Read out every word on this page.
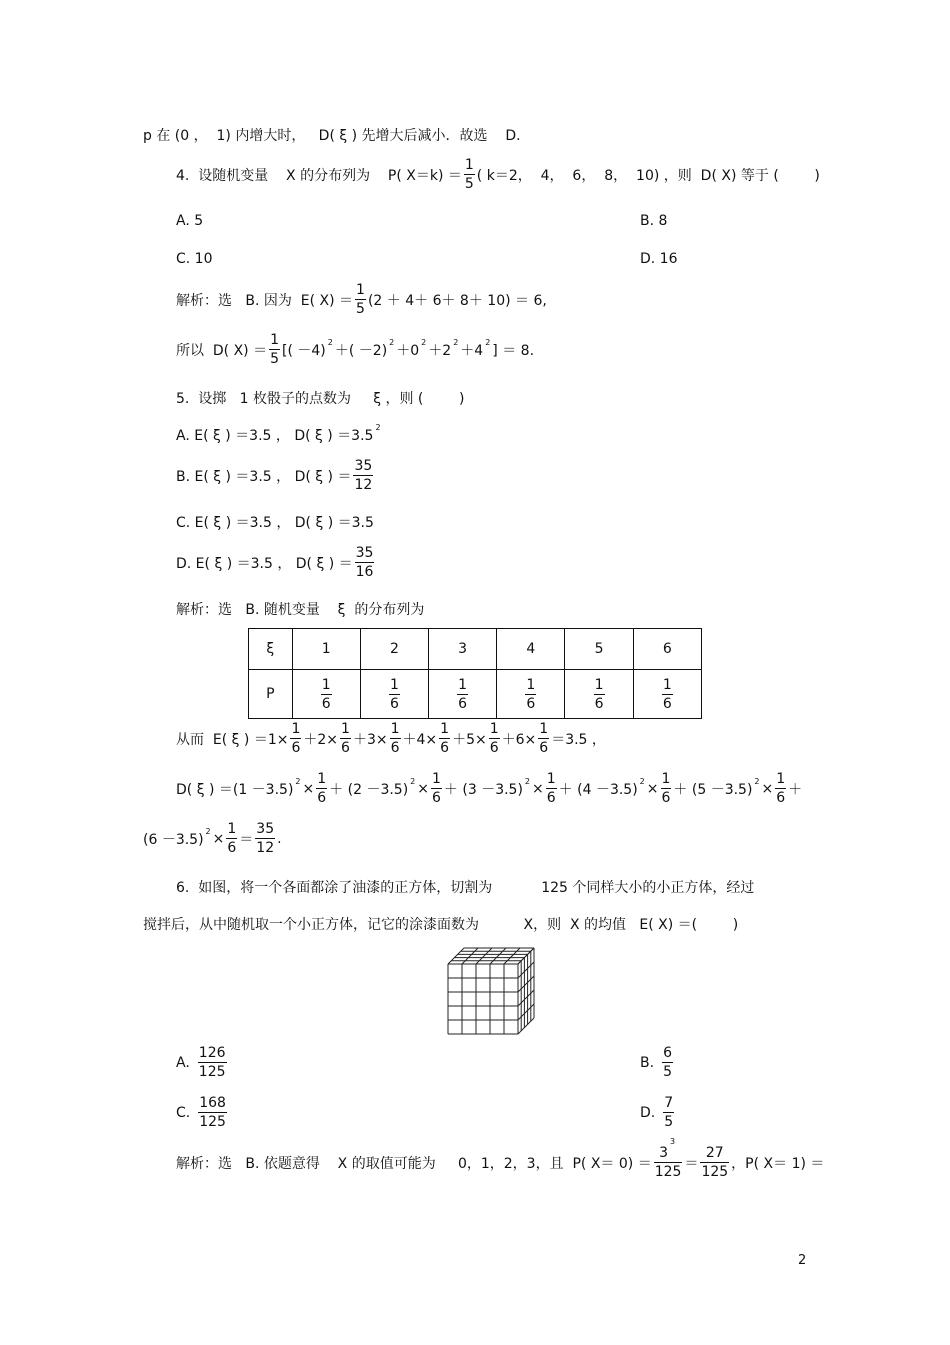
p 在 (0 ，  1) 内增大时，   D( ξ ) 先增大后减小．故选    D.
4.  设随机变量    X 的分布列为    P( $X=k) = \frac{1}{5}$ ( k＝2，  4，  6，  8，  10) ，则  D( X) 等于 (        )
A. 5	B. 8
C. 10	D. 16
解析：选   B. 因为  E( $X) = \frac{1}{5} (2 + 4+ 6+ 8+ 10) = 6$,
所以  D( $X) = \frac{1}{5}$ [( －4)
$^2$
＋( －2)
$^2$
＋0
$^2$
＋2
$^2$
＋4
$^2$
] ＝ 8.
5.  设掷   1 枚骰子的点数为     ξ ，则 (        )
A. E( ξ ) ＝3.5 ， D( ξ ) ＝3.5
$^2$
B. E( ξ ) ＝3.5 ， D( ξ ) ＝ $\frac{35}{12}$
C. E( ξ ) ＝3.5 ， D( ξ ) ＝3.5
D. E( ξ ) ＝3.5 ， D( ξ ) ＝ $\frac{35}{16}$
解析：选   B. 随机变量    ξ  的分布列为
ξ	1	2	3	4	5	6
P	$\frac{1}{6}$	$\frac{1}{6}$	$\frac{1}{6}$	$\frac{1}{6}$	$\frac{1}{6}$	$\frac{1}{6}$
从而  E( ξ ) $=1\times \frac{1}{6} +2\times \frac{1}{6} +3\times \frac{1}{6} +4\times \frac{1}{6} +5\times \frac{1}{6} +6\times \frac{1}{6} =3.5$ ，
D( ξ ) ＝(1 －3.5)
$^2 \times \frac{1}{6} + (2 -3.5)$
$^2 \times \frac{1}{6} + (3 -3.5)$
$^2 \times \frac{1}{6} + (4 -3.5)$
$^2 \times \frac{1}{6} + (5 -3.5)$
$^2 \times \frac{1}{6}$ ＋
(6 －3.5)
$^2 \times \frac{1}{6} = \frac{35}{12}$ .
6.  如图，将一个各面都涂了油漆的正方体，切割为           125 个同样大小的小正方体，经过
搅拌后，从中随机取一个小正方体，记它的涂漆面数为          X，则  X 的均值   E( X) ＝(        )
A. $\frac{126}{125}$	B. $\frac{6}{5}$
C. $\frac{168}{125}$	D. $\frac{7}{5}$
解析：选   B. 依题意得    X 的取值可能为     0，1，2，3，且  P( $X= 0) = \frac{3^3}{125} = \frac{27}{125}$ ，P( X＝ 1) ＝
2
